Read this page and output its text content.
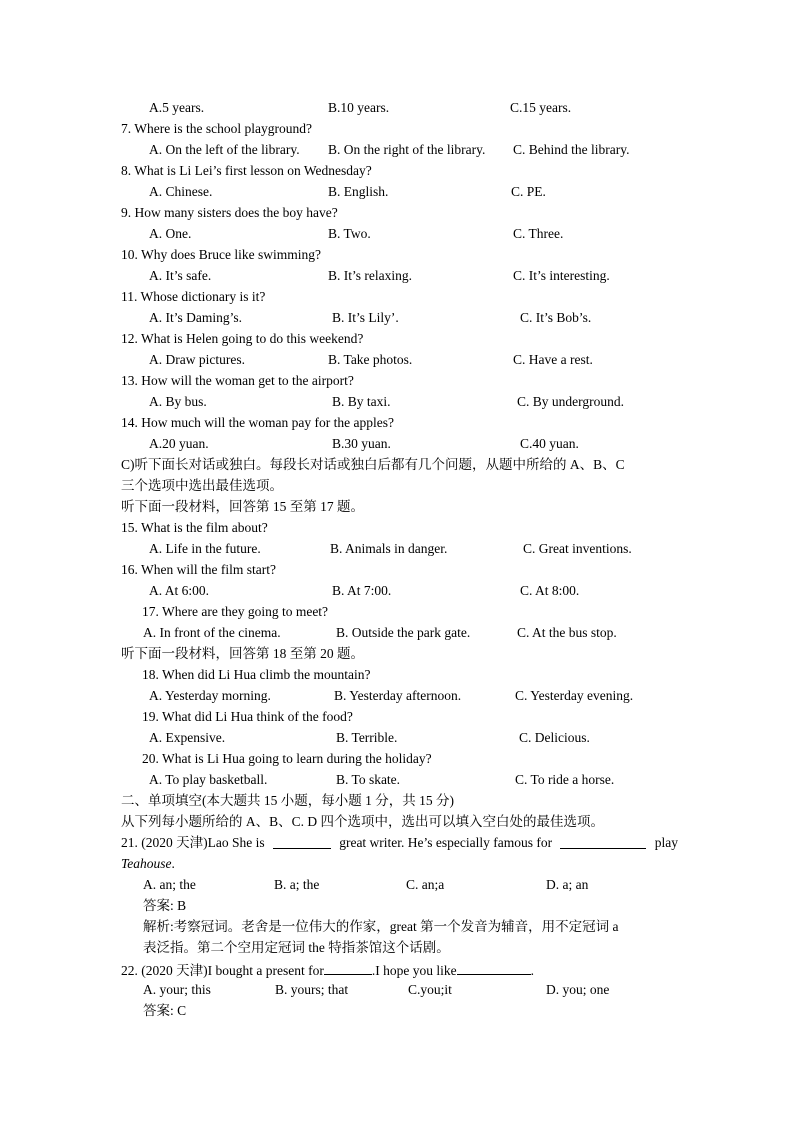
A.5 years.	B.10 years.	C.15 years.
7. Where is the school playground?
A. On the left of the library. B. On the right of the library. C. Behind the library.
8. What is Li Lei’s first lesson on Wednesday?
A. Chinese.	B. English.	C. PE.
9. How many sisters does the boy have?
A. One.	B. Two.	C. Three.
10. Why does Bruce like swimming?
A. It’s safe.	B. It’s relaxing.	C. It’s interesting.
11. Whose dictionary is it?
A. It’s Daming’s.	B. It’s Lily’.	C. It’s Bob’s.
12. What is Helen going to do this weekend?
A. Draw pictures.	B. Take photos.	C. Have a rest.
13. How will the woman get to the airport?
A. By bus.	B. By taxi.	C. By underground.
14. How much will the woman pay for the apples?
A.20 yuan.	B.30 yuan.	C.40 yuan.
C)听下面长对话或独白。每段长对话或独白后都有几个问题，从题中所给的 A、B、C
三个选项中选出最佳选项。
听下面一段材料，回答第 15 至第 17 题。
15. What is the film about?
A. Life in the future.	B. Animals in danger.	C. Great inventions.
16. When will the film start?
A. At 6:00.	B. At 7:00.	C. At 8:00.
17. Where are they going to meet?
A. In front of the cinema.	B. Outside the park gate.	C. At the bus stop.
听下面一段材料，回答第 18 至第 20 题。
18. When did Li Hua climb the mountain?
A. Yesterday morning.	B. Yesterday afternoon.	C. Yesterday evening.
19. What did Li Hua think of the food?
A. Expensive.	B. Terrible.	C. Delicious.
20. What is Li Hua going to learn during the holiday?
A. To play basketball.	B. To skate.	C. To ride a horse.
二、单项填空(本大题共 15 小题，每小题 1 分，共 15 分)
从下列每小题所给的 A、B、C. D 四个选项中，选出可以填入空白处的最佳选项。
21. (2020 天津)Lao She is	great writer. He’s especially famous for	play
Teahouse.
A. an; the	B. a; the	C. an;a	D. a; an
答案: B
解析:考察冠词。老舍是一位伟大的作家，great 第一个发音为辅音，用不定冠词 a
表泛指。第二个空用定冠词 the 特指茶馆这个话剧。
22. (2020 天津)I bought a present for	.I hope you like	.
A. your; this	B. yours; that	C.you;it	D. you; one
答案: C
